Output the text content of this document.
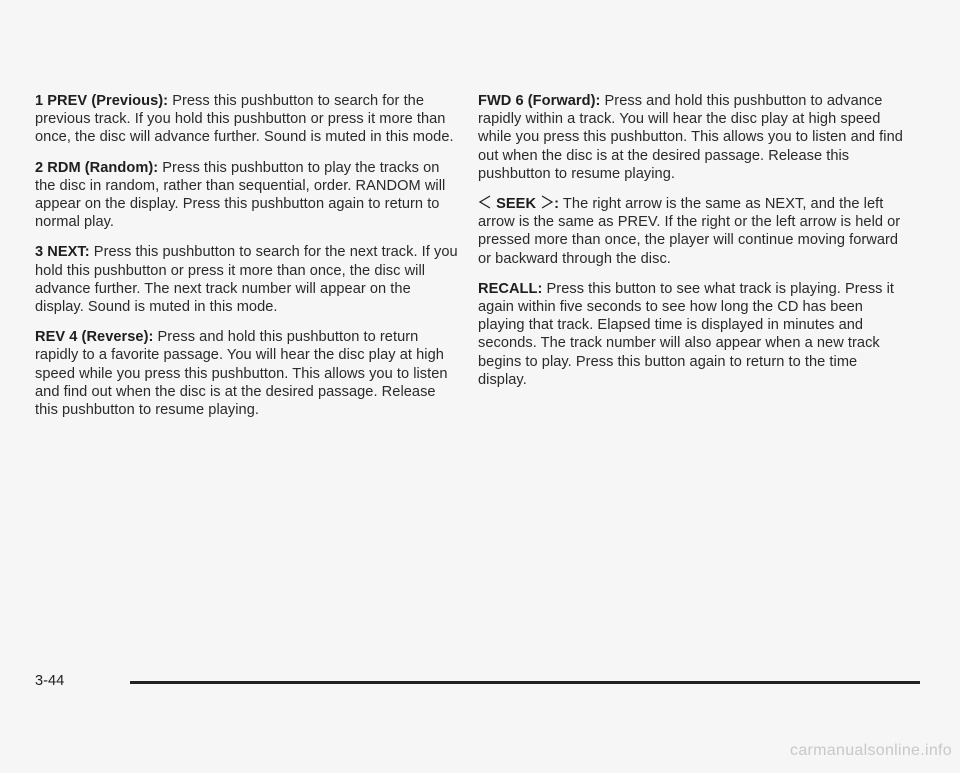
1 PREV (Previous): Press this pushbutton to search for the previous track. If you hold this pushbutton or press it more than once, the disc will advance further. Sound is muted in this mode.

2 RDM (Random): Press this pushbutton to play the tracks on the disc in random, rather than sequential, order. RANDOM will appear on the display. Press this pushbutton again to return to normal play.

3 NEXT: Press this pushbutton to search for the next track. If you hold this pushbutton or press it more than once, the disc will advance further. The next track number will appear on the display. Sound is muted in this mode.

REV 4 (Reverse): Press and hold this pushbutton to return rapidly to a favorite passage. You will hear the disc play at high speed while you press this pushbutton. This allows you to listen and find out when the disc is at the desired passage. Release this pushbutton to resume playing.

FWD 6 (Forward): Press and hold this pushbutton to advance rapidly within a track. You will hear the disc play at high speed while you press this pushbutton. This allows you to listen and find out when the disc is at the desired passage. Release this pushbutton to resume playing.

SEEK : The right arrow is the same as NEXT, and the left arrow is the same as PREV. If the right or the left arrow is held or pressed more than once, the player will continue moving forward or backward through the disc.

RECALL: Press this button to see what track is playing. Press it again within five seconds to see how long the CD has been playing that track. Elapsed time is displayed in minutes and seconds. The track number will also appear when a new track begins to play. Press this button again to return to the time display.

3-44
carmanualsonline.info
